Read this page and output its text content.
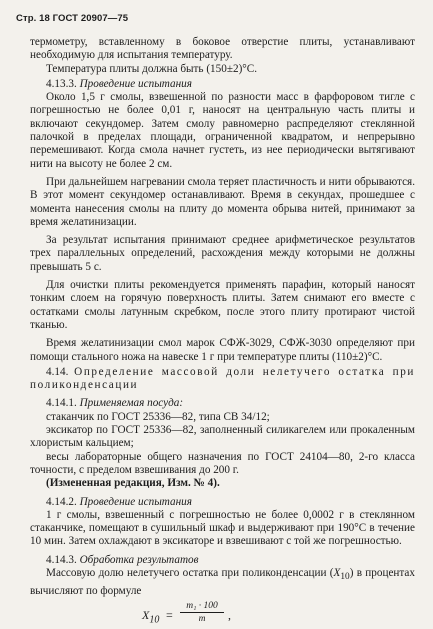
Стр. 18 ГОСТ 20907—75

термометру, вставленному в боковое отверстие плиты, устанавливают необходимую для испытания температуру.

Температура плиты должна быть (150±2)°С.

4.13.3. Проведение испытания

Около 1,5 г смолы, взвешенной по разности масс в фарфоровом тигле с погрешностью не более 0,01 г, наносят на центральную часть плиты и включают секундомер. Затем смолу равномерно распределяют стеклянной палочкой в пределах площади, ограниченной квадратом, и непрерывно перемешивают. Когда смола начнет густеть, из нее периодически вытягивают нити на высоту не более 2 см.

При дальнейшем нагревании смола теряет пластичность и нити обрываются. В этот момент секундомер останавливают. Время в секундах, прошедшее с момента нанесения смолы на плиту до момента обрыва нитей, принимают за время желатинизации.

За результат испытания принимают среднее арифметическое результатов трех параллельных определений, расхождения между которыми не должны превышать 5 с.

Для очистки плиты рекомендуется применять парафин, который наносят тонким слоем на горячую поверхность плиты. Затем снимают его вместе с остатками смолы латунным скребком, после этого плиту протирают чистой тканью.

Время желатинизации смол марок СФЖ-3029, СФЖ-3030 определяют при помощи стального ножа на навеске 1 г при температуре плиты (110±2)°С.

4.14. Определение массовой доли нелетучего остатка при поликонденсации

4.14.1. Применяемая посуда:

стаканчик по ГОСТ 25336—82, типа СВ 34/12;

эксикатор по ГОСТ 25336—82, заполненный силикагелем или прокаленным хлористым кальцием;

весы лабораторные общего назначения по ГОСТ 24104—80, 2-го класса точности, с пределом взвешивания до 200 г.

(Измененная редакция, Изм. № 4).

4.14.2. Проведение испытания

1 г смолы, взвешенный с погрешностью не более 0,0002 г в стеклянном стаканчике, помещают в сушильный шкаф и выдерживают при 190°С в течение 10 мин. Затем охлаждают в эксикаторе и взвешивают с той же погрешностью.

4.14.3. Обработка результатов

Массовую долю нелетучего остатка при поликонденсации $(X_{10})$ в процентах вычисляют по формуле

$X_{10} = \frac{\text{m₁ · 100}}{m}$ ,
